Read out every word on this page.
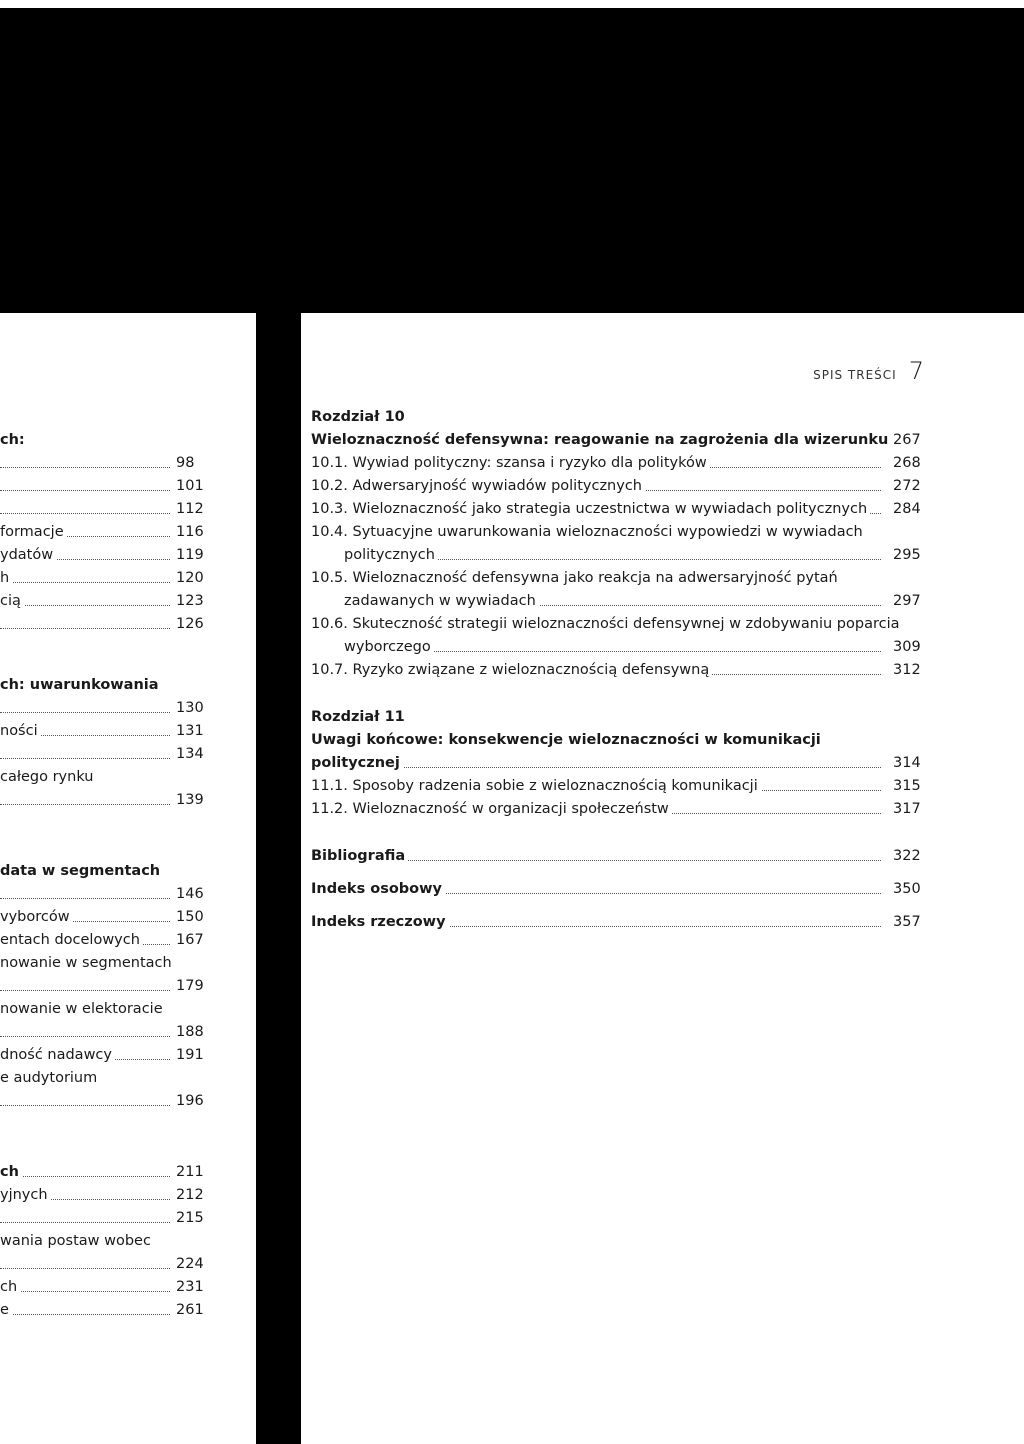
SPIS TREŚCI 7
ch:
98
101
112
formacje	116
ydatów	119
h	120
cią	123
126
ch: uwarunkowania
130
ności	131
134
całego rynku
139
data w segmentach
146
vyborców	150
entach docelowych 167
nowanie w segmentach
179
nowanie w elektoracie
188
dność nadawcy	191
e audytorium
196
ch	211
yjnych	212
215
wania postaw wobec
224
ch	231
e	261
Rozdział 10
Wieloznaczność defensywna: reagowanie na zagrożenia dla wizerunku 267
10.1. Wywiad polityczny: szansa i ryzyko dla polityków	268
10.2. Adwersaryjność wywiadów politycznych	272
10.3. Wieloznaczność jako strategia uczestnictwa w wywiadach politycznych 284
10.4. Sytuacyjne uwarunkowania wieloznaczności wypowiedzi w wywiadach
politycznych	295
10.5. Wieloznaczność defensywna jako reakcja na adwersaryjność pytań
zadawanych w wywiadach	297
10.6. Skuteczność strategii wieloznaczności defensywnej w zdobywaniu poparcia
wyborczego	309
10.7. Ryzyko związane z wieloznacznością defensywną	312
Rozdział 11
Uwagi końcowe: konsekwencje wieloznaczności w komunikacji
politycznej	314
11.1. Sposoby radzenia sobie z wieloznacznością komunikacji	315
11.2. Wieloznaczność w organizacji społeczeństw	317
Bibliografia	322
Indeks osobowy	350
Indeks rzeczowy	357
